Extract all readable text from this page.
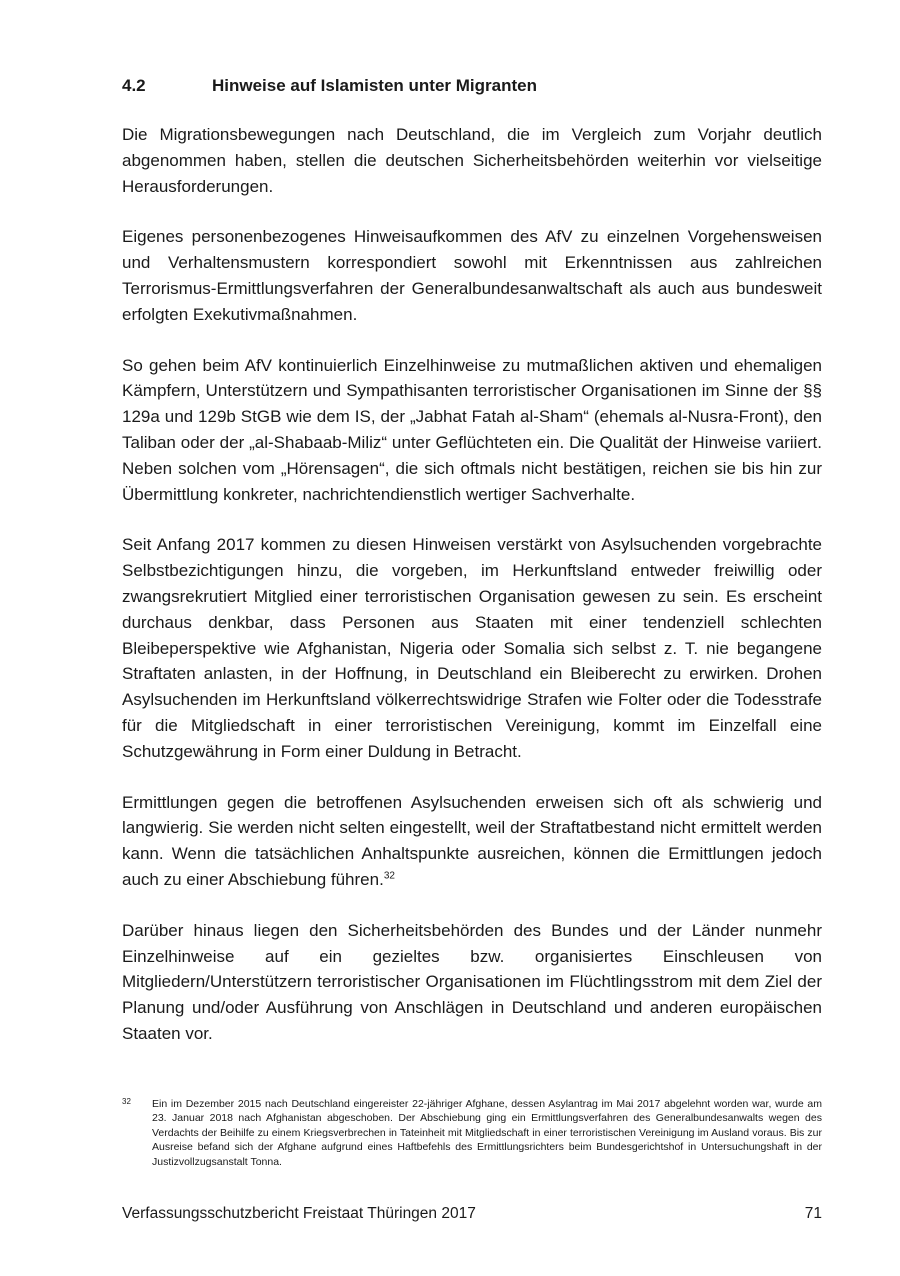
4.2	Hinweise auf Islamisten unter Migranten

Die Migrationsbewegungen nach Deutschland, die im Vergleich zum Vorjahr deutlich abgenommen haben, stellen die deutschen Sicherheitsbehörden weiterhin vor vielseitige Herausforderungen.

Eigenes personenbezogenes Hinweisaufkommen des AfV zu einzelnen Vorgehensweisen und Verhaltensmustern korrespondiert sowohl mit Erkenntnissen aus zahlreichen Terrorismus-Ermittlungsverfahren der Generalbundesanwaltschaft als auch aus bundesweit erfolgten Exekutivmaßnahmen.

So gehen beim AfV kontinuierlich Einzelhinweise zu mutmaßlichen aktiven und ehemaligen Kämpfern, Unterstützern und Sympathisanten terroristischer Organisationen im Sinne der §§ 129a und 129b StGB wie dem IS, der „Jabhat Fatah al-Sham“ (ehemals al-Nusra-Front), den Taliban oder der „al-Shabaab-Miliz“ unter Geflüchteten ein. Die Qualität der Hinweise variiert. Neben solchen vom „Hörensagen“, die sich oftmals nicht bestätigen, reichen sie bis hin zur Übermittlung konkreter, nachrichtendienstlich wertiger Sachverhalte.

Seit Anfang 2017 kommen zu diesen Hinweisen verstärkt von Asylsuchenden vorgebrachte Selbstbezichtigungen hinzu, die vorgeben, im Herkunftsland entweder freiwillig oder zwangsrekrutiert Mitglied einer terroristischen Organisation gewesen zu sein. Es erscheint durchaus denkbar, dass Personen aus Staaten mit einer tendenziell schlechten Bleibeperspektive wie Afghanistan, Nigeria oder Somalia sich selbst z. T. nie begangene Straftaten anlasten, in der Hoffnung, in Deutschland ein Bleiberecht zu erwirken. Drohen Asylsuchenden im Herkunftsland völkerrechtswidrige Strafen wie Folter oder die Todesstrafe für die Mitgliedschaft in einer terroristischen Vereinigung, kommt im Einzelfall eine Schutzgewährung in Form einer Duldung in Betracht.

Ermittlungen gegen die betroffenen Asylsuchenden erweisen sich oft als schwierig und langwierig. Sie werden nicht selten eingestellt, weil der Straftatbestand nicht ermittelt werden kann. Wenn die tatsächlichen Anhaltspunkte ausreichen, können die Ermittlungen jedoch auch zu einer Abschiebung führen.$^{32}$

Darüber hinaus liegen den Sicherheitsbehörden des Bundes und der Länder nunmehr Einzelhinweise auf ein gezieltes bzw. organisiertes Einschleusen von Mitgliedern/Unterstützern terroristischer Organisationen im Flüchtlingsstrom mit dem Ziel der Planung und/oder Ausführung von Anschlägen in Deutschland und anderen europäischen Staaten vor.

32 Ein im Dezember 2015 nach Deutschland eingereister 22-jähriger Afghane, dessen Asylantrag im Mai 2017 abgelehnt worden war, wurde am 23. Januar 2018 nach Afghanistan abgeschoben. Der Abschiebung ging ein Ermittlungsverfahren des Generalbundesanwalts wegen des Verdachts der Beihilfe zu einem Kriegsverbrechen in Tateinheit mit Mitgliedschaft in einer terroristischen Vereinigung im Ausland voraus. Bis zur Ausreise befand sich der Afghane aufgrund eines Haftbefehls des Ermittlungsrichters beim Bundesgerichtshof in Untersuchungshaft in der Justizvollzugsanstalt Tonna.

Verfassungsschutzbericht Freistaat Thüringen 2017	71
